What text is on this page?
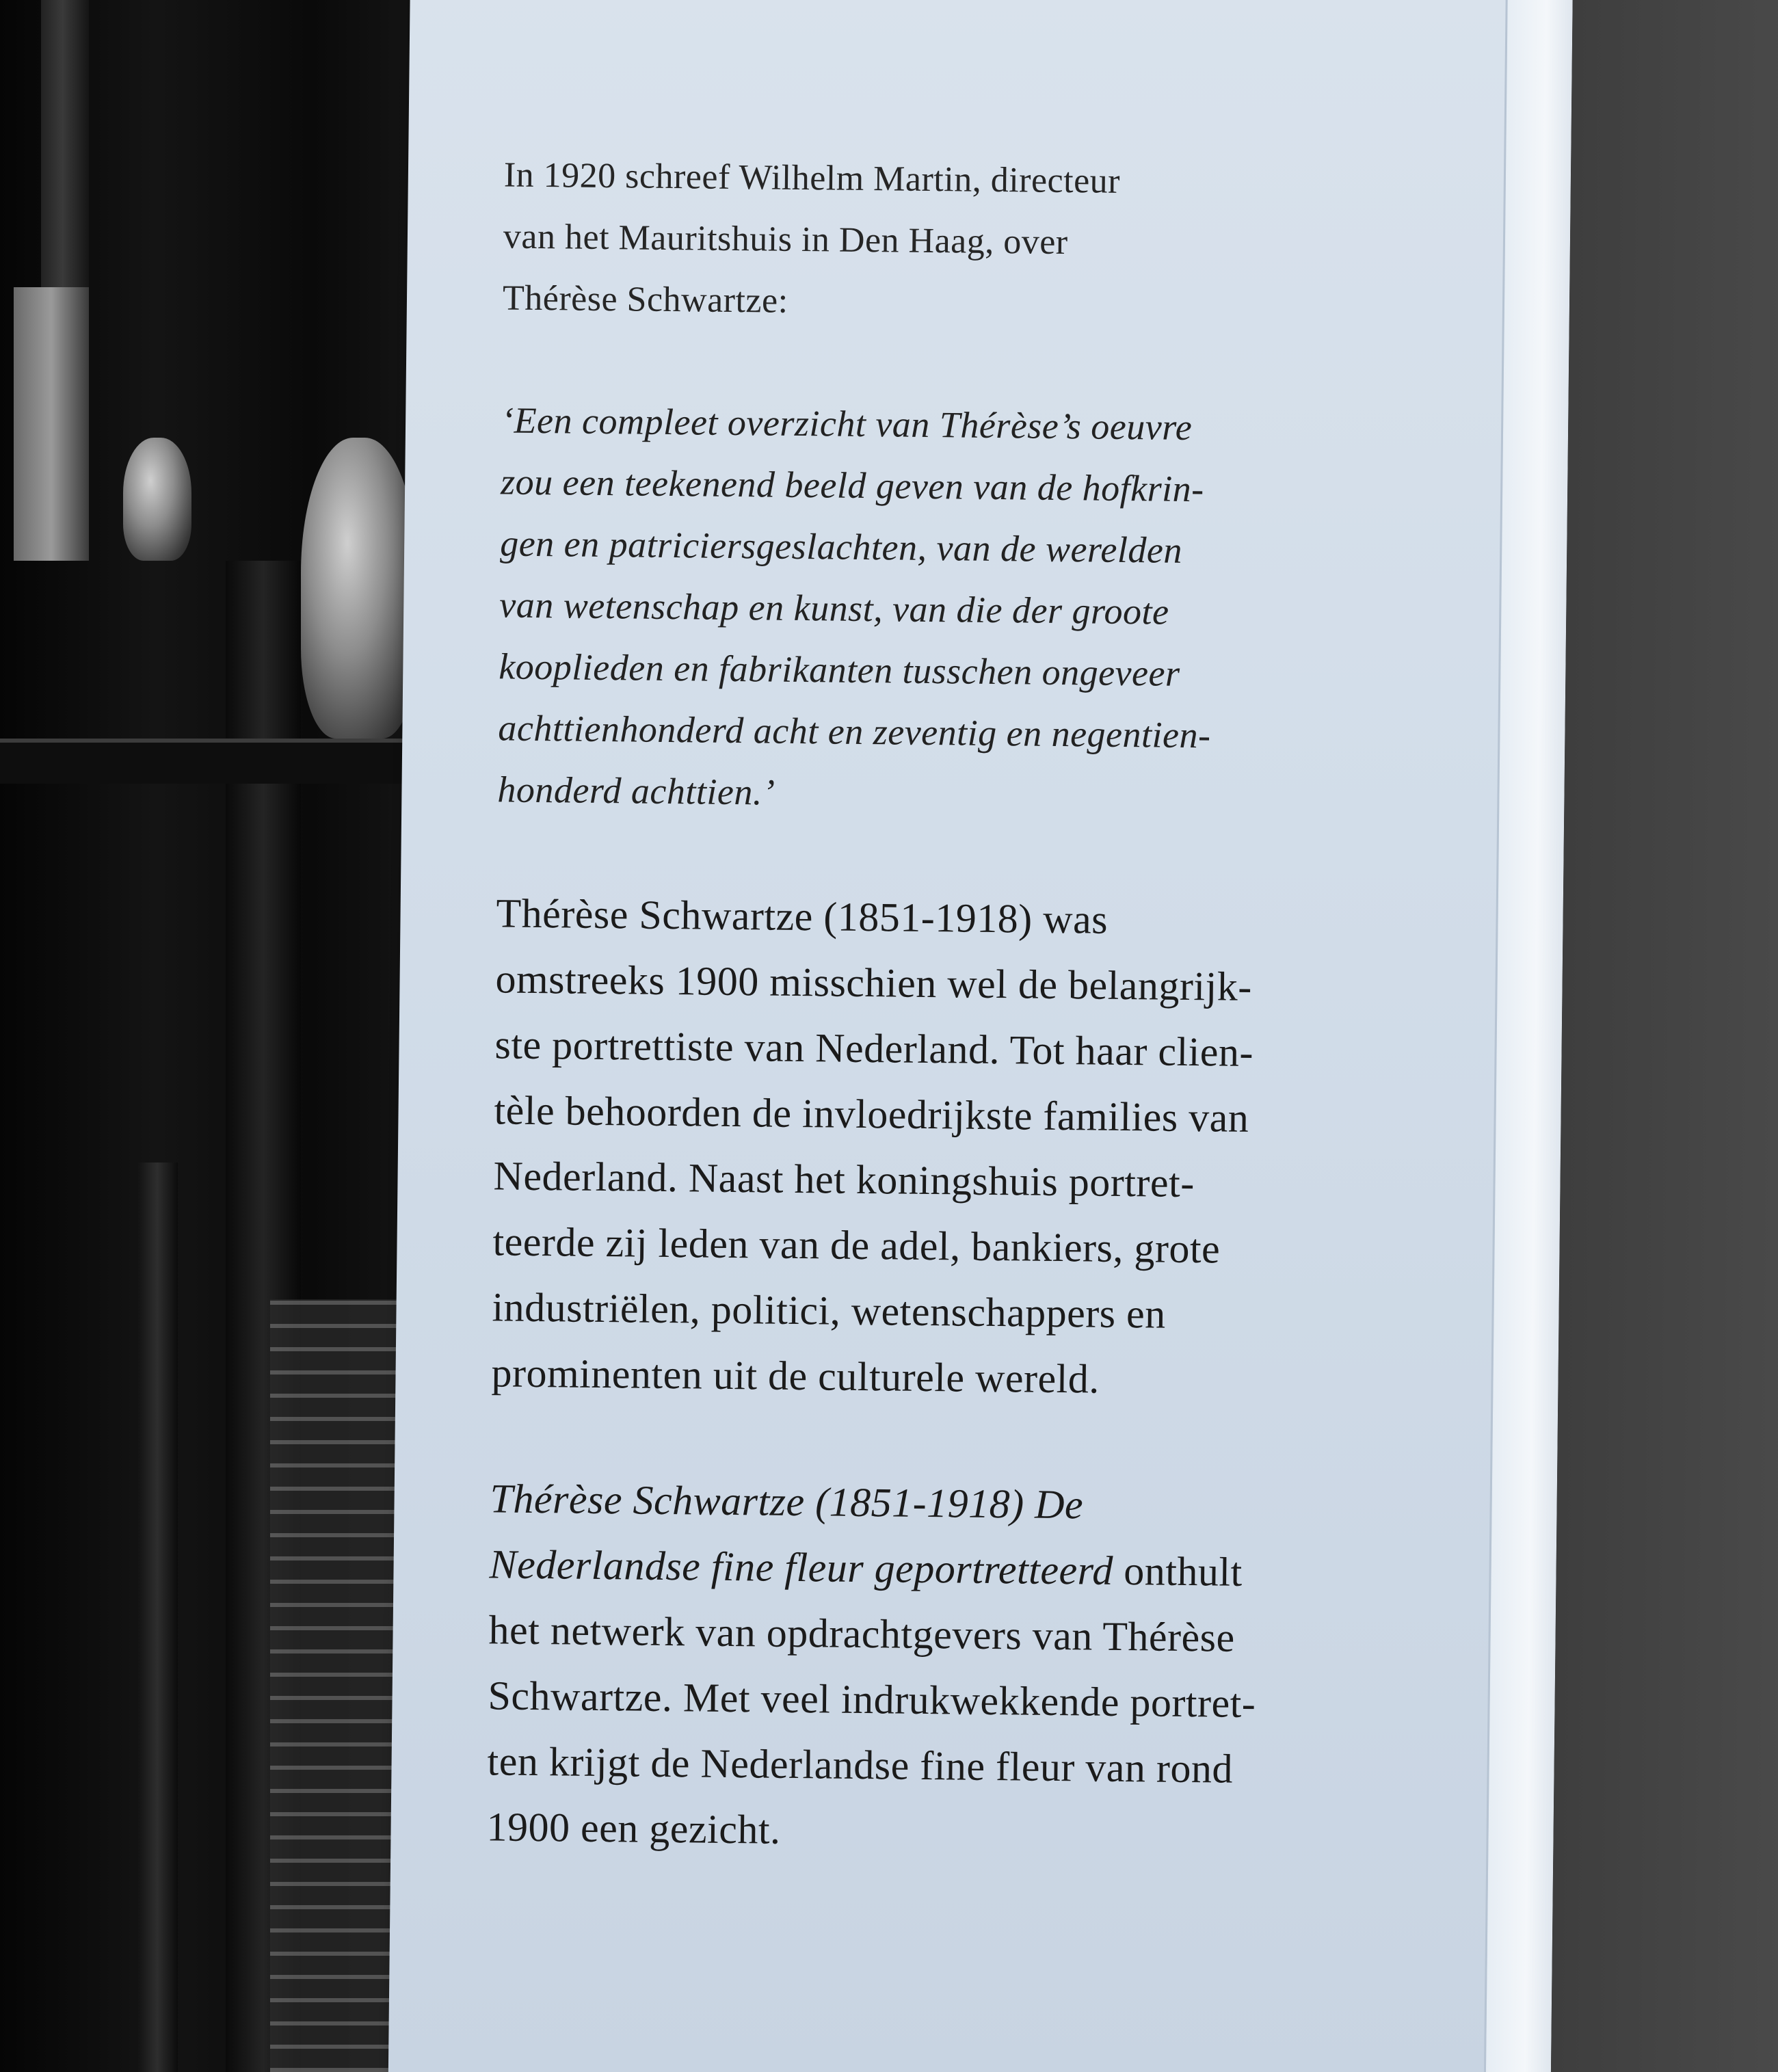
In 1920 schreef Wilhelm Martin, directeur
van het Mauritshuis in Den Haag, over
Thérèse Schwartze:

‘Een compleet overzicht van Thérèse’s oeuvre
zou een teekenend beeld geven van de hofkrin-
gen en patriciersgeslachten, van de werelden
van wetenschap en kunst, van die der groote
kooplieden en fabrikanten tusschen ongeveer
achttienhonderd acht en zeventig en negentien-
honderd achttien.’

Thérèse Schwartze (1851-1918) was
omstreeks 1900 misschien wel de belangrijk-
ste portrettiste van Nederland. Tot haar clien-
tèle behoorden de invloedrijkste families van
Nederland. Naast het koningshuis portret-
teerde zij leden van de adel, bankiers, grote
industriëlen, politici, wetenschappers en
prominenten uit de culturele wereld.

Thérèse Schwartze (1851-1918) De
Nederlandse fine fleur geportretteerd onthult
het netwerk van opdrachtgevers van Thérèse
Schwartze. Met veel indrukwekkende portret-
ten krijgt de Nederlandse fine fleur van rond
1900 een gezicht.
